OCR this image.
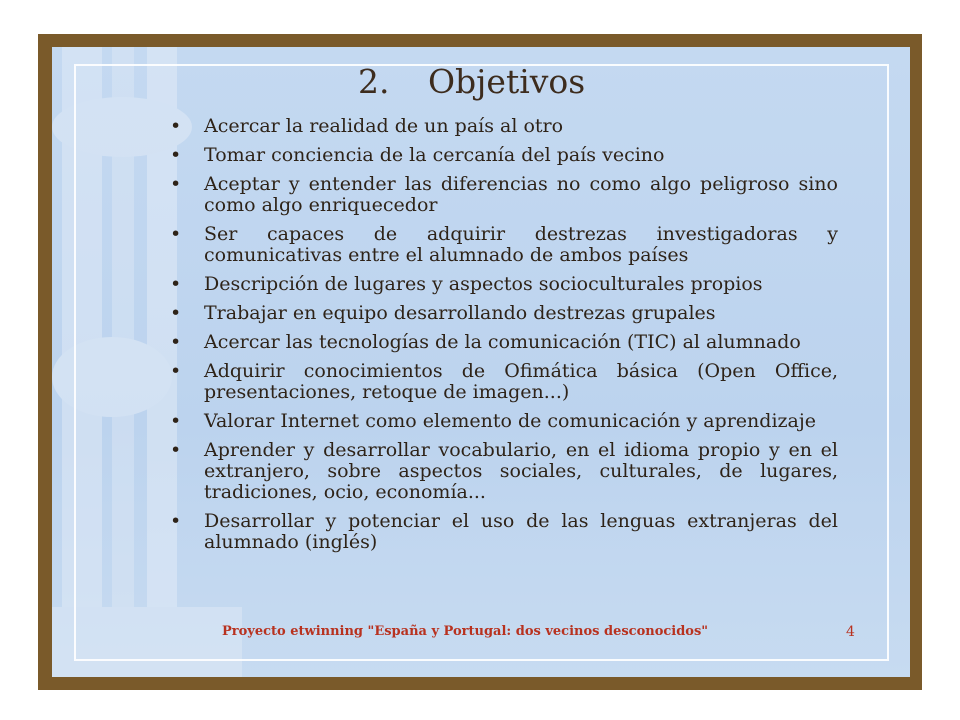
2. Objetivos
• Acercar la realidad de un país al otro
• Tomar conciencia de la cercanía del país vecino
• Aceptar y entender las diferencias no como algo peligroso sino como algo enriquecedor
• Ser capaces de adquirir destrezas investigadoras y comunicativas entre el alumnado de ambos países
• Descripción de lugares y aspectos socioculturales propios
• Trabajar en equipo desarrollando destrezas grupales
• Acercar las tecnologías de la comunicación (TIC) al alumnado
• Adquirir conocimientos de Ofimática básica (Open Office, presentaciones, retoque de imagen...)
• Valorar Internet como elemento de comunicación y aprendizaje
• Aprender y desarrollar vocabulario, en el idioma propio y en el extranjero, sobre aspectos sociales, culturales, de lugares, tradiciones, ocio, economía...
• Desarrollar y potenciar el uso de las lenguas extranjeras del alumnado (inglés)
Proyecto etwinning "España y Portugal: dos vecinos desconocidos"	4
